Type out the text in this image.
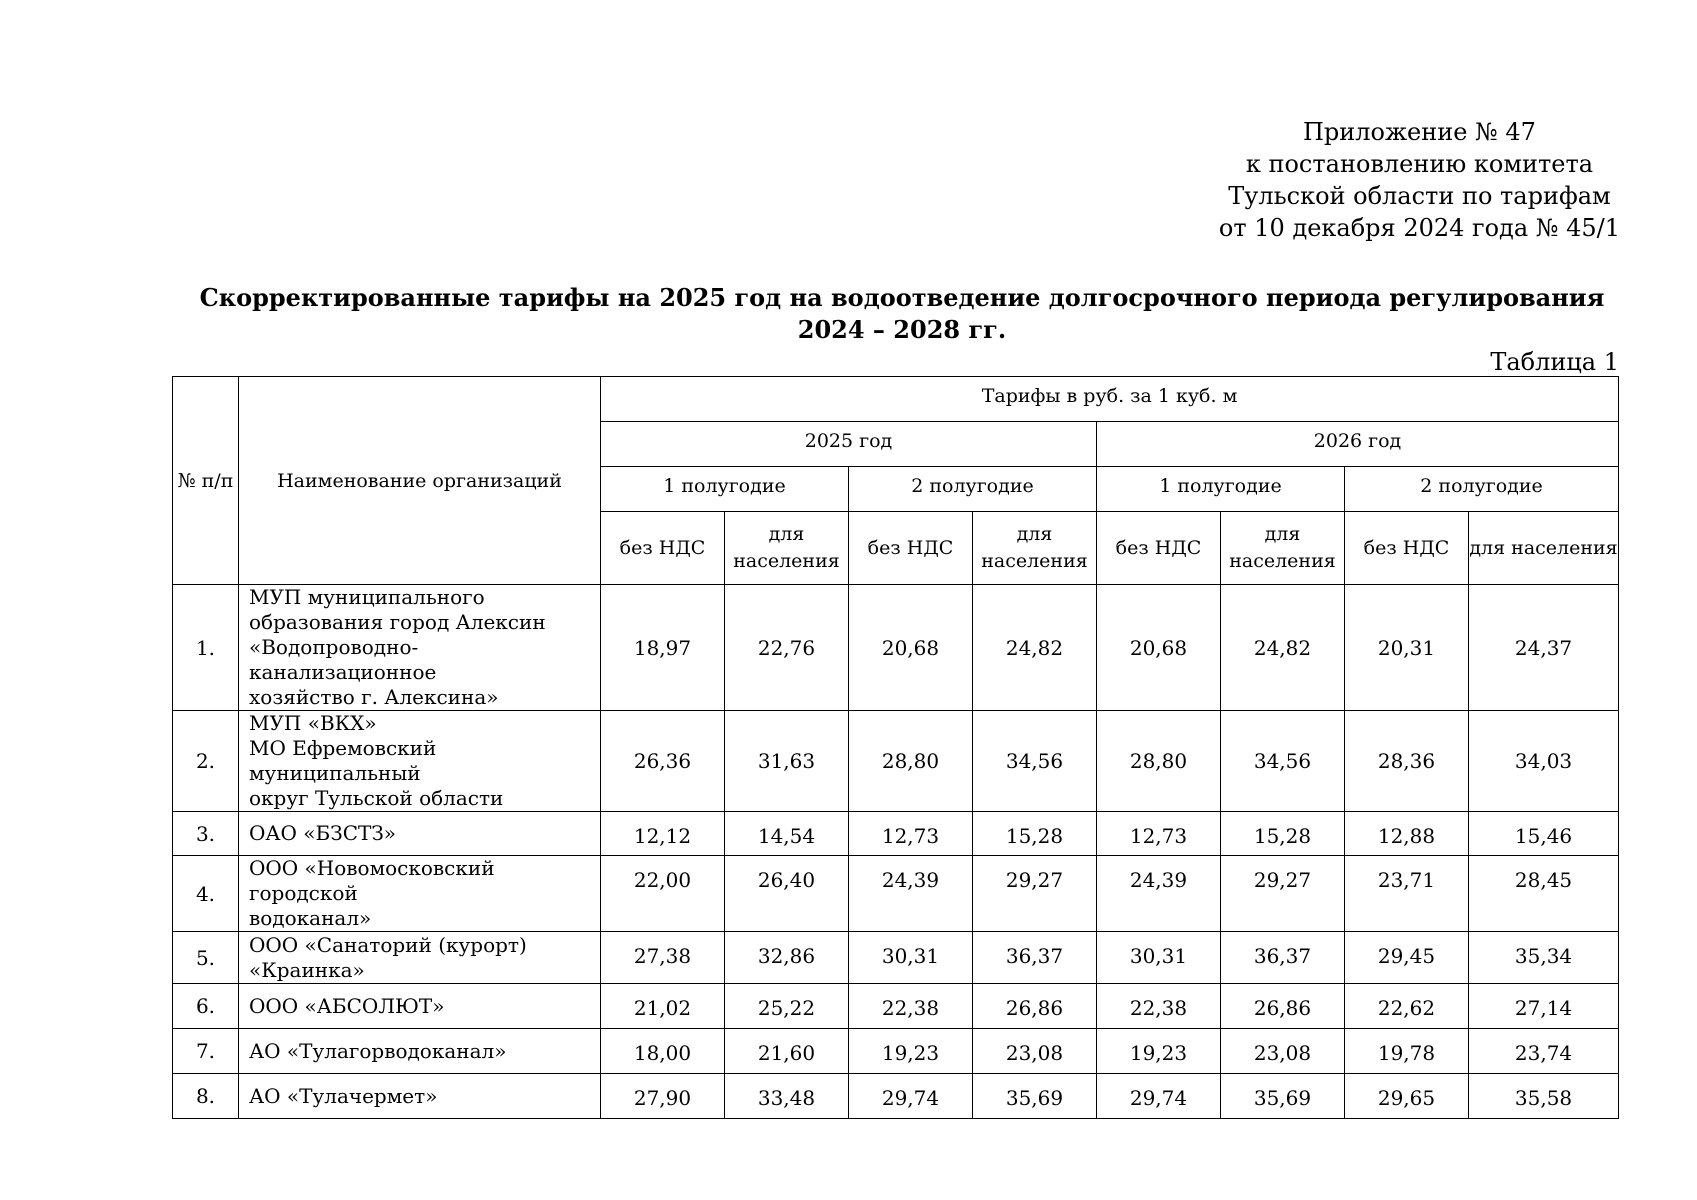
Приложение № 47
к постановлению комитета
Тульской области по тарифам
от 10 декабря 2024 года № 45/1
Скорректированные тарифы на 2025 год на водоотведение долгосрочного периода регулирования
2024 – 2028 гг.
Таблица 1
№ п/п	Наименование организаций	Тарифы в руб. за 1 куб. м							
		2025 год				2026 год			
		1 полугодие		2 полугодие		1 полугодие		2 полугодие	
		без НДС	для населения	без НДС	для населения	без НДС	для населения	без НДС	для населения
1.	МУП муниципального
образования город Алексин
«Водопроводно-канализационное
хозяйство г. Алексина»	18,97	22,76	20,68	24,82	20,68	24,82	20,31	24,37
2.	МУП «ВКХ»
МО Ефремовский муниципальный
округ Тульской области	26,36	31,63	28,80	34,56	28,80	34,56	28,36	34,03
3.	ОАО «БЗСТЗ»	12,12	14,54	12,73	15,28	12,73	15,28	12,88	15,46
4.	ООО «Новомосковский городской
водоканал»	22,00	26,40	24,39	29,27	24,39	29,27	23,71	28,45
5.	ООО «Санаторий (курорт)
«Краинка»	27,38	32,86	30,31	36,37	30,31	36,37	29,45	35,34
6.	ООО «АБСОЛЮТ»	21,02	25,22	22,38	26,86	22,38	26,86	22,62	27,14
7.	АО «Тулагорводоканал»	18,00	21,60	19,23	23,08	19,23	23,08	19,78	23,74
8.	АО «Тулачермет»	27,90	33,48	29,74	35,69	29,74	35,69	29,65	35,58
